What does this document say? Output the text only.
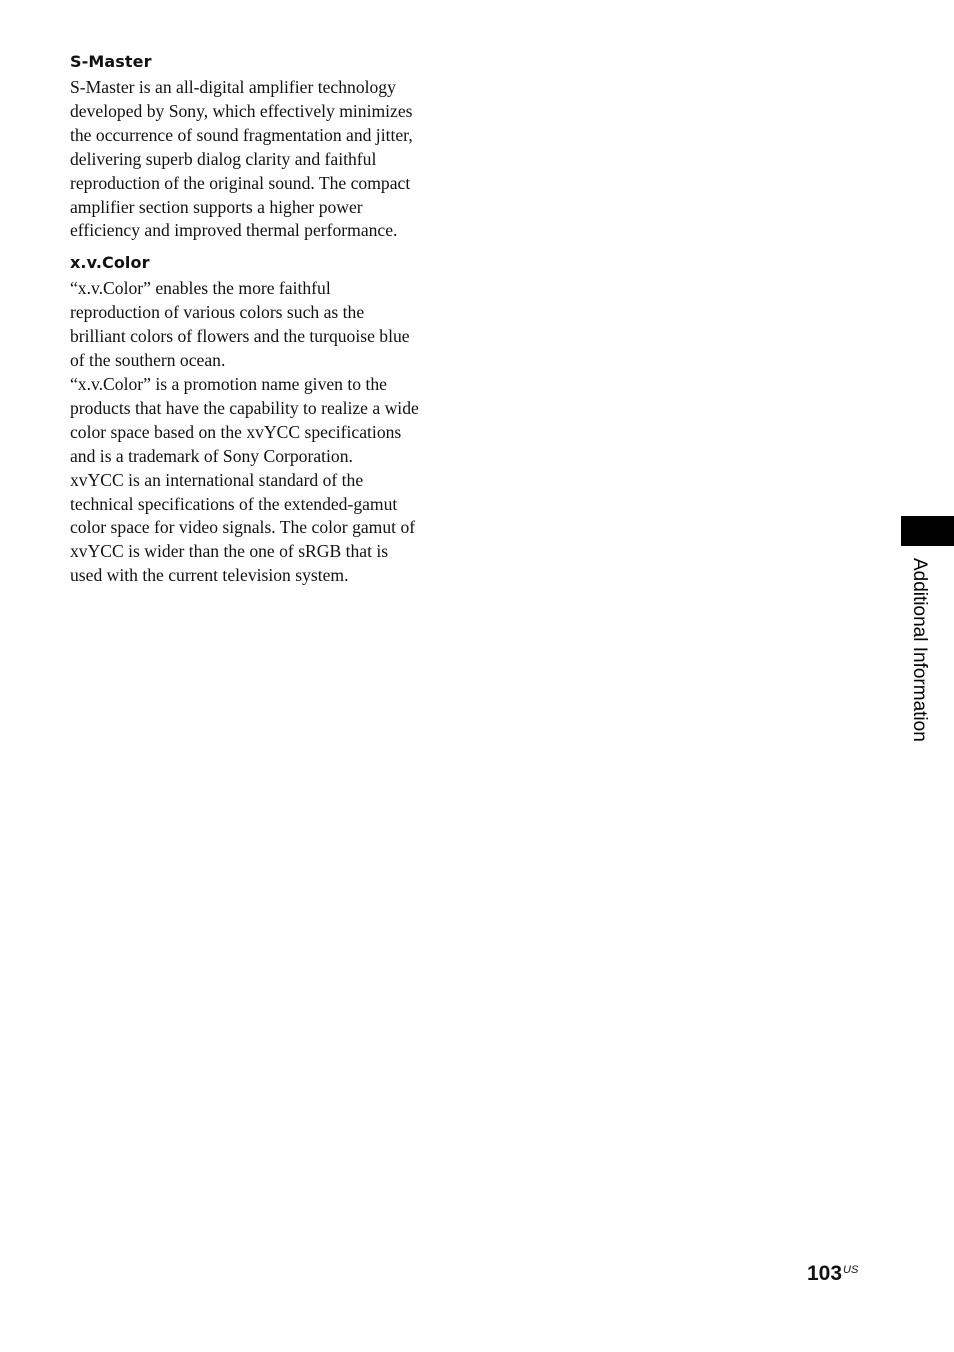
S-Master

S-Master is an all-digital amplifier technology
developed by Sony, which effectively minimizes
the occurrence of sound fragmentation and jitter,
delivering superb dialog clarity and faithful
reproduction of the original sound. The compact
amplifier section supports a higher power
efficiency and improved thermal performance.

x.v.Color

“x.v.Color” enables the more faithful
reproduction of various colors such as the
brilliant colors of flowers and the turquoise blue
of the southern ocean.

“x.v.Color” is a promotion name given to the
products that have the capability to realize a wide
color space based on the xvYCC specifications
and is a trademark of Sony Corporation.

xvYCC is an international standard of the
technical specifications of the extended-gamut
color space for video signals. The color gamut of
xvYCC is wider than the one of sRGB that is
used with the current television system.	Additional Information
$103^{US}$
